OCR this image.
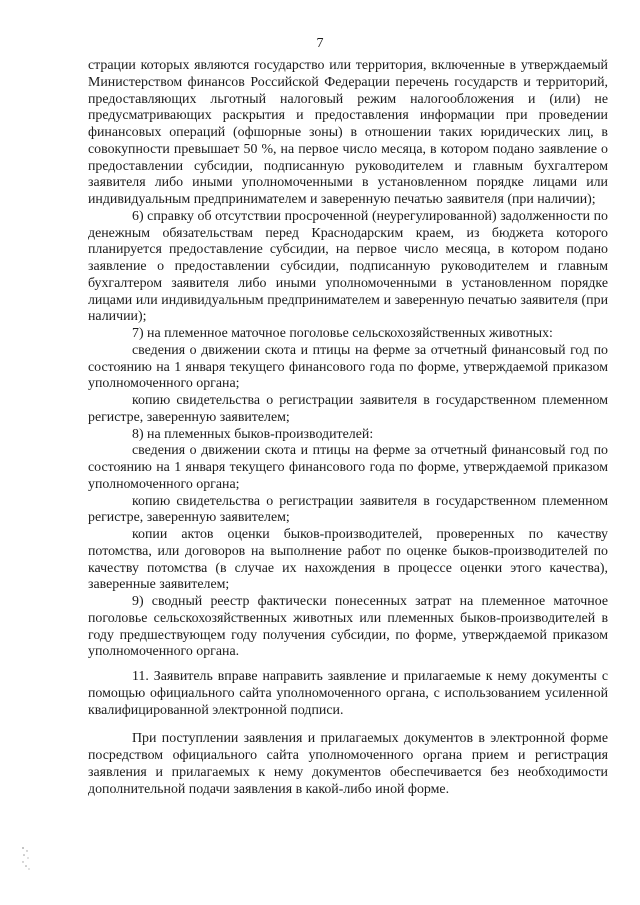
7

страции которых являются государство или территория, включенные в утверждаемый Министерством финансов Российской Федерации перечень государств и территорий, предоставляющих льготный налоговый режим налогообложения и (или) не предусматривающих раскрытия и предоставления информации при проведении финансовых операций (офшорные зоны) в отношении таких юридических лиц, в совокупности превышает 50 %, на первое число месяца, в котором подано заявление о предоставлении субсидии, подписанную руководителем и главным бухгалтером заявителя либо иными уполномоченными в установленном порядке лицами или индивидуальным предпринимателем и заверенную печатью заявителя (при наличии);

6) справку об отсутствии просроченной (неурегулированной) задолженности по денежным обязательствам перед Краснодарским краем, из бюджета которого планируется предоставление субсидии, на первое число месяца, в котором подано заявление о предоставлении субсидии, подписанную руководителем и главным бухгалтером заявителя либо иными уполномоченными в установленном порядке лицами или индивидуальным предпринимателем и заверенную печатью заявителя (при наличии);

7) на племенное маточное поголовье сельскохозяйственных животных:

сведения о движении скота и птицы на ферме за отчетный финансовый год по состоянию на 1 января текущего финансового года по форме, утверждаемой приказом уполномоченного органа;

копию свидетельства о регистрации заявителя в государственном племенном регистре, заверенную заявителем;

8) на племенных быков-производителей:

сведения о движении скота и птицы на ферме за отчетный финансовый год по состоянию на 1 января текущего финансового года по форме, утверждаемой приказом уполномоченного органа;

копию свидетельства о регистрации заявителя в государственном племенном регистре, заверенную заявителем;

копии актов оценки быков-производителей, проверенных по качеству потомства, или договоров на выполнение работ по оценке быков-производителей по качеству потомства (в случае их нахождения в процессе оценки этого качества), заверенные заявителем;

9) сводный реестр фактически понесенных затрат на племенное маточное поголовье сельскохозяйственных животных или племенных быков-производителей в году предшествующем году получения субсидии, по форме, утверждаемой приказом уполномоченного органа.

11. Заявитель вправе направить заявление и прилагаемые к нему документы с помощью официального сайта уполномоченного органа, с использованием усиленной квалифицированной электронной подписи.

При поступлении заявления и прилагаемых документов в электронной форме посредством официального сайта уполномоченного органа прием и регистрация заявления и прилагаемых к нему документов обеспечивается без необходимости дополнительной подачи заявления в какой-либо иной форме.
